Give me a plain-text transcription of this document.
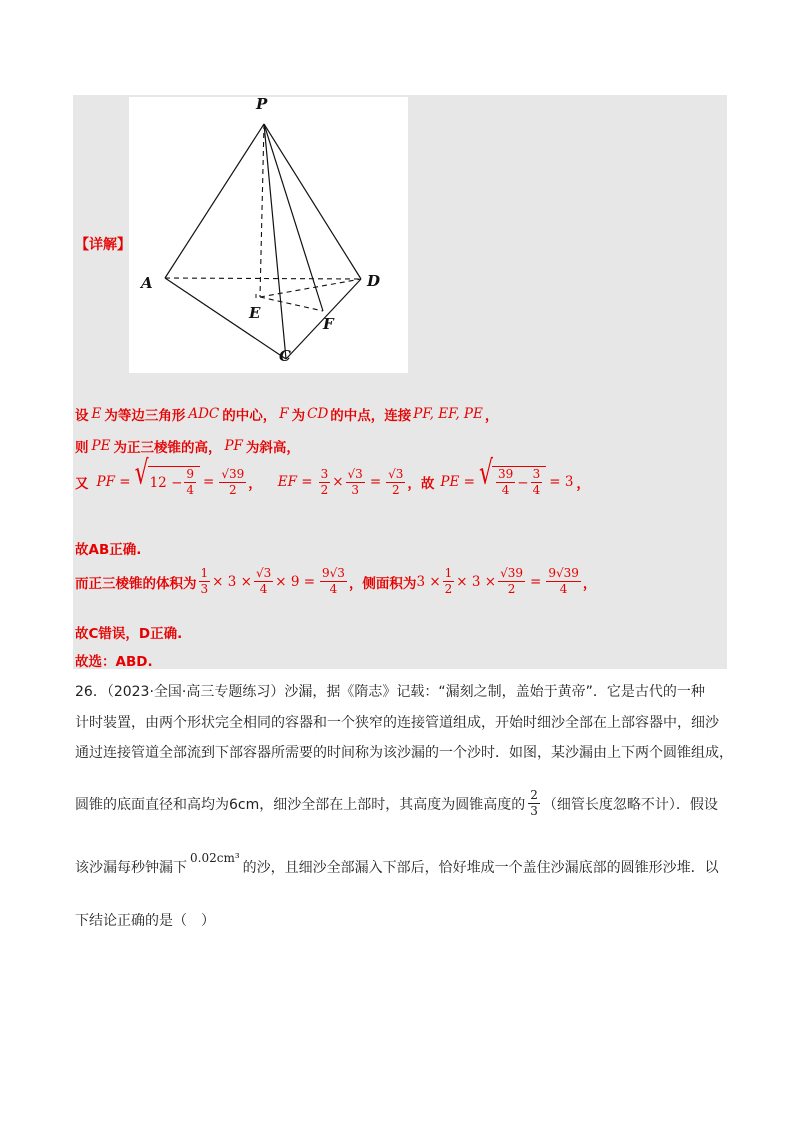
P
A	D
E
F
C
【详解】
设 E 为等边三角形 ADC 的中心， F 为 CD 的中点，连接 PF, EF, PE ，
则 PE 为正三棱锥的高， PF 为斜高，
又 PF = √ $12 - \frac{9}{4} = \frac{√39}{2}$ ， EF = $\frac{3}{2} \times \frac{√3}{3} = \frac{√3}{2}$ ，故 PE = √ $\frac{39}{4} - \frac{3}{4} = 3$ ，
故AB正确.
而正三棱锥的体积为 $\frac{1}{3} \times 3 \times \frac{√3}{4} \times 9 = \frac{9√3}{4}$ ，侧面积为 $3 \times \frac{1}{2} \times 3 \times \frac{√39}{2} = \frac{9√39}{4}$ ，
故C错误，D正确.
故选：ABD.
26．（2023·全国·高三专题练习）沙漏，据《隋志》记载：“漏刻之制，盖始于黄帝”．它是古代的一种
计时装置，由两个形状完全相同的容器和一个狭窄的连接管道组成，开始时细沙全部在上部容器中，细沙
通过连接管道全部流到下部容器所需要的时间称为该沙漏的一个沙时．如图，某沙漏由上下两个圆锥组成，
圆锥的底面直径和高均为6cm，细沙全部在上部时，其高度为圆锥高度的 $\frac{2}{3}$ （细管长度忽略不计）．假设
该沙漏每秒钟漏下
0.02cm³
的沙，且细沙全部漏入下部后，恰好堆成一个盖住沙漏底部的圆锥形沙堆．以
下结论正确的是（　）
